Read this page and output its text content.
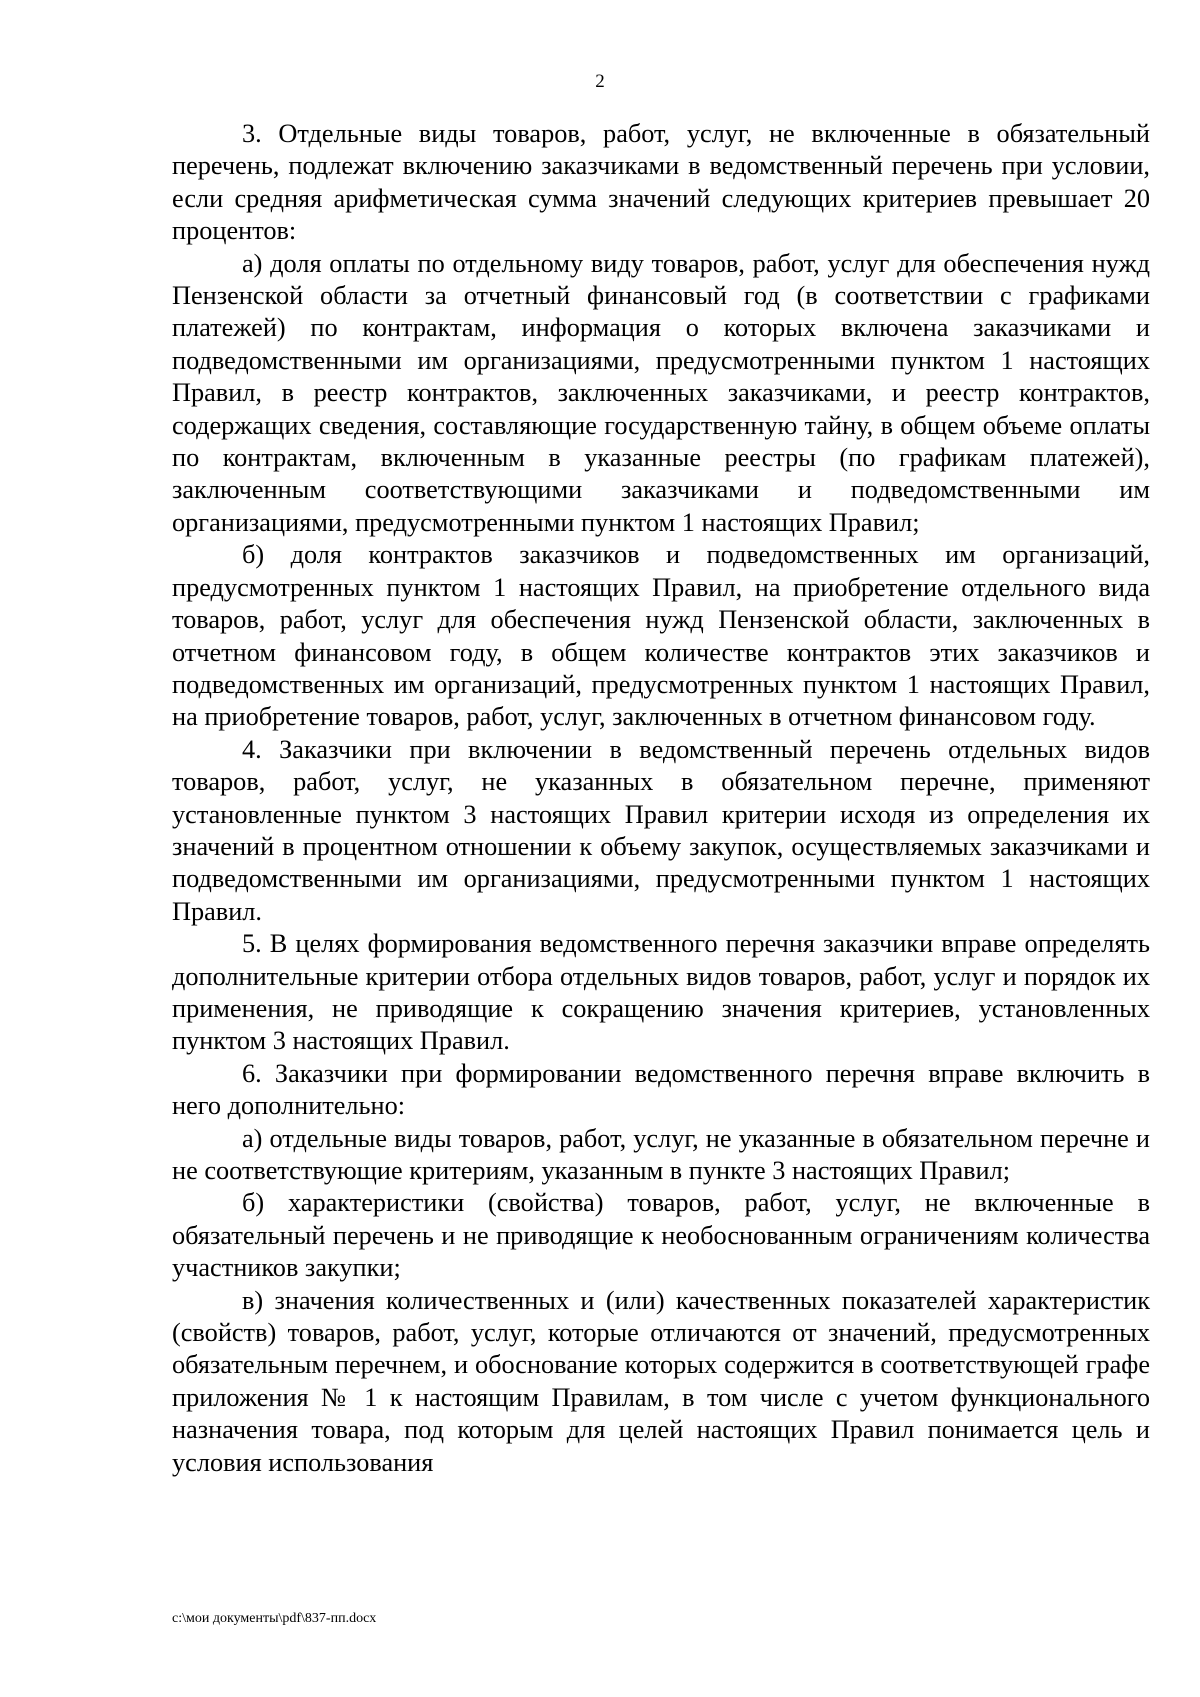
2

3. Отдельные виды товаров, работ, услуг, не включенные в обязательный перечень, подлежат включению заказчиками в ведомственный перечень при условии, если средняя арифметическая сумма значений следующих критериев превышает 20 процентов:

а) доля оплаты по отдельному виду товаров, работ, услуг для обеспечения нужд Пензенской области за отчетный финансовый год (в соответствии с графиками платежей) по контрактам, информация о которых включена заказчиками и подведомственными им организациями, предусмотренными пунктом 1 настоящих Правил, в реестр контрактов, заключенных заказчиками, и реестр контрактов, содержащих сведения, составляющие государственную тайну, в общем объеме оплаты по контрактам, включенным в указанные реестры (по графикам платежей), заключенным соответствующими заказчиками и подведомственными им организациями, предусмотренными пунктом 1 настоящих Правил;

б) доля контрактов заказчиков и подведомственных им организаций, предусмотренных пунктом 1 настоящих Правил, на приобретение отдельного вида товаров, работ, услуг для обеспечения нужд Пензенской области, заключенных в отчетном финансовом году, в общем количестве контрактов этих заказчиков и подведомственных им организаций, предусмотренных пунктом 1 настоящих Правил, на приобретение товаров, работ, услуг, заключенных в отчетном финансовом году.

4. Заказчики при включении в ведомственный перечень отдельных видов товаров, работ, услуг, не указанных в обязательном перечне, применяют установленные пунктом 3 настоящих Правил критерии исходя из определения их значений в процентном отношении к объему закупок, осуществляемых заказчиками и подведомственными им организациями, предусмотренными пунктом 1 настоящих Правил.

5. В целях формирования ведомственного перечня заказчики вправе определять дополнительные критерии отбора отдельных видов товаров, работ, услуг и порядок их применения, не приводящие к сокращению значения критериев, установленных пунктом 3 настоящих Правил.

6. Заказчики при формировании ведомственного перечня вправе включить в него дополнительно:

а) отдельные виды товаров, работ, услуг, не указанные в обязательном перечне и не соответствующие критериям, указанным в пункте 3 настоящих Правил;

б) характеристики (свойства) товаров, работ, услуг, не включенные в обязательный перечень и не приводящие к необоснованным ограничениям количества участников закупки;

в) значения количественных и (или) качественных показателей характеристик (свойств) товаров, работ, услуг, которые отличаются от значений, предусмотренных обязательным перечнем, и обоснование которых содержится в соответствующей графе приложения № 1 к настоящим Правилам, в том числе с учетом функционального назначения товара, под которым для целей настоящих Правил понимается цель и условия использования

c:\мои документы\pdf\837-пп.docx
